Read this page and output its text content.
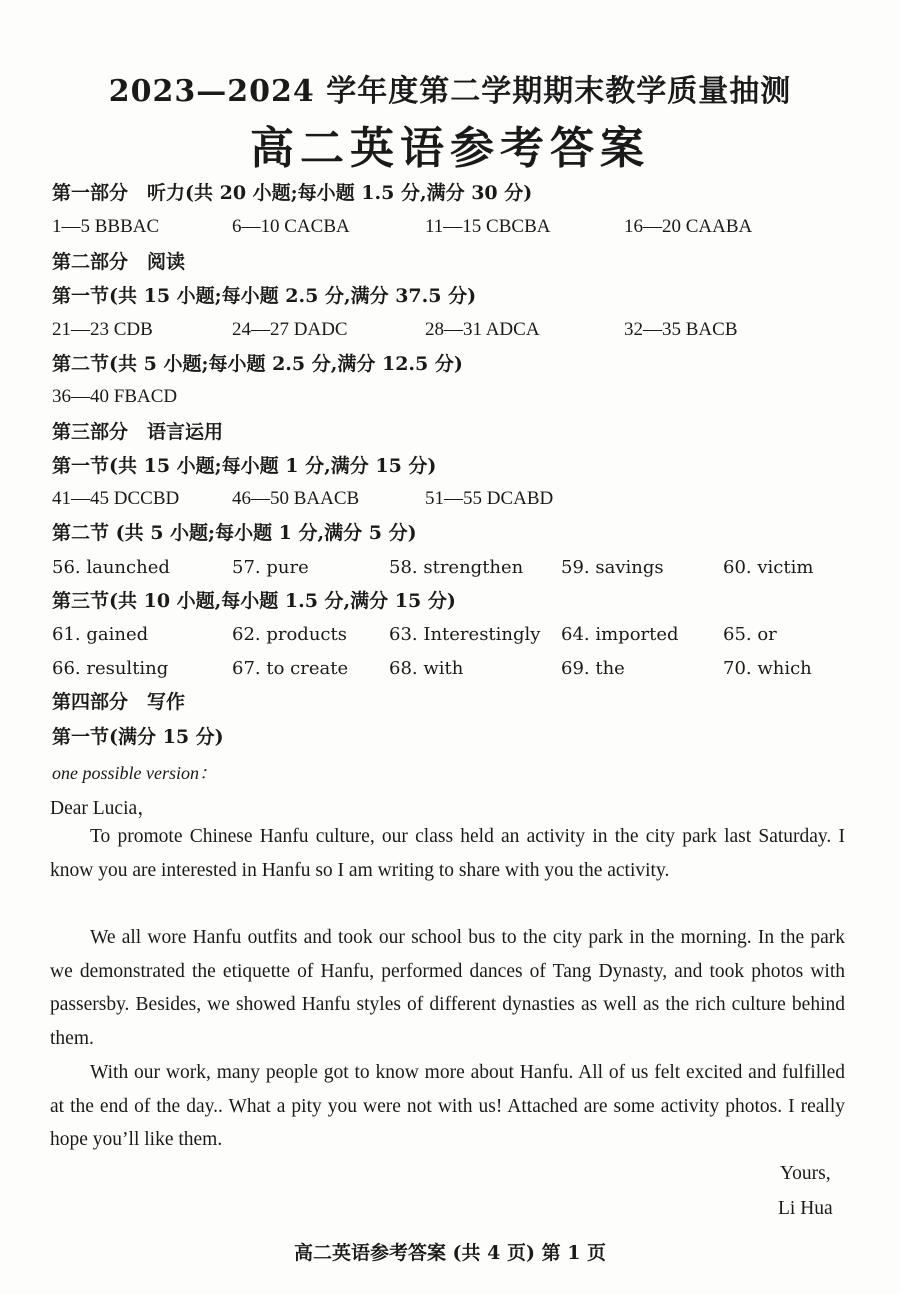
2023—2024 学年度第二学期期末教学质量抽测
高二英语参考答案
第一部分　听力(共 20 小题;每小题 1.5 分,满分 30 分)
1—5 BBBAC	6—10 CACBA	11—15 CBCBA	16—20 CAABA
第二部分　阅读
第一节(共 15 小题;每小题 2.5 分,满分 37.5 分)
21—23 CDB	24—27 DADC	28—31 ADCA	32—35 BACB
第二节(共 5 小题;每小题 2.5 分,满分 12.5 分)
36—40 FBACD
第三部分　语言运用
第一节(共 15 小题;每小题 1 分,满分 15 分)
41—45 DCCBD	46—50 BAACB	51—55 DCABD
第二节 (共 5 小题;每小题 1 分,满分 5 分)
56. launched	57. pure	58. strengthen 59. savings	60. victim
第三节(共 10 小题,每小题 1.5 分,满分 15 分)
61. gained	62. products 63. Interestingly 64. imported 65. or
66. resulting	67. to create 68. with	69. the	70. which
第四部分　写作
第一节(满分 15 分)
one possible version：
Dear Lucia，
To promote Chinese Hanfu culture, our class held an activity in the city park last Saturday. I know you are interested in Hanfu so I am writing to share with you the activity.
We all wore Hanfu outfits and took our school bus to the city park in the morning. In the park we demonstrated the etiquette of Hanfu, performed dances of Tang Dynasty, and took photos with passersby. Besides, we showed Hanfu styles of different dynasties as well as the rich culture behind them.
With our work, many people got to know more about Hanfu. All of us felt excited and fulfilled at the end of the day.. What a pity you were not with us! Attached are some activity photos. I really hope you’ll like them.
Yours,
Li Hua
高二英语参考答案 (共 4 页) 第 1 页
